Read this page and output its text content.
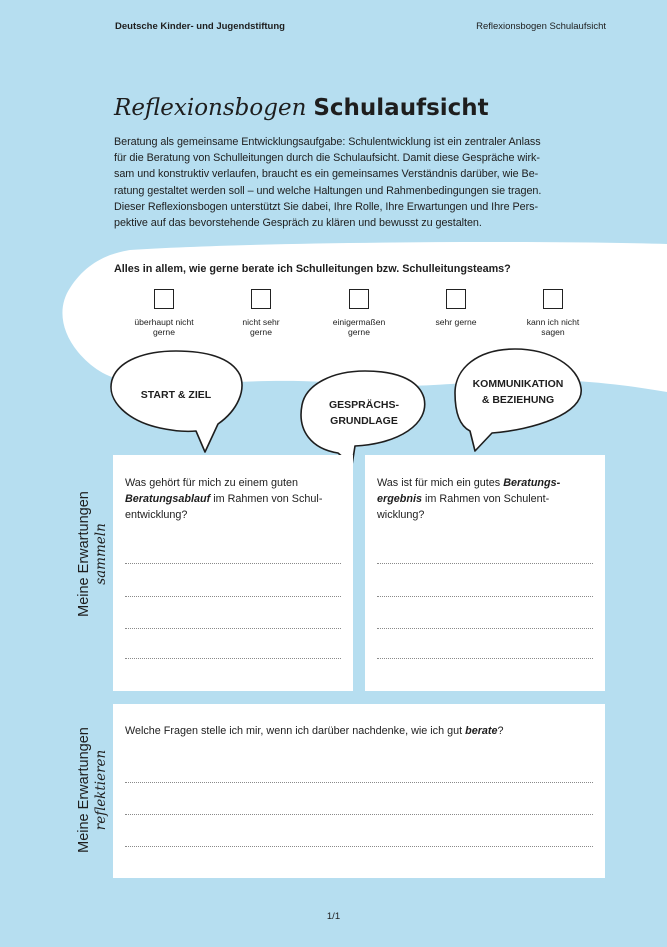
Deutsche Kinder- und Jugendstiftung	Reflexionsbogen Schulaufsicht
Reflexionsbogen Schulaufsicht
Beratung als gemeinsame Entwicklungsaufgabe: Schulentwicklung ist ein zentraler Anlass
für die Beratung von Schulleitungen durch die Schulaufsicht. Damit diese Gespräche wirk-
sam und konstruktiv verlaufen, braucht es ein gemeinsames Verständnis darüber, wie Be-
ratung gestaltet werden soll – und welche Haltungen und Rahmenbedingungen sie tragen.
Dieser Reflexionsbogen unterstützt Sie dabei, Ihre Rolle, Ihre Erwartungen und Ihre Pers-
pektive auf das bevorstehende Gespräch zu klären und bewusst zu gestalten.
Alles in allem, wie gerne berate ich Schulleitungen bzw. Schulleitungsteams?
überhaupt nicht
gerne
nicht sehr
gerne
einigermaßen
gerne
sehr gerne	kann ich nicht
sagen
START & ZIEL
GESPRÄCHS-
GRUNDLAGE
KOMMUNIKATION
& BEZIEHUNG
Meine Erwartungen sammeln
Was gehört für mich zu einem guten
Beratungsablauf im Rahmen von Schul-
entwicklung?
Was ist für mich ein gutes Beratungs-
ergebnis im Rahmen von Schulent-
wicklung?
Meine Erwartungen reflektieren
Welche Fragen stelle ich mir, wenn ich darüber nachdenke, wie ich gut berate?
1/1
